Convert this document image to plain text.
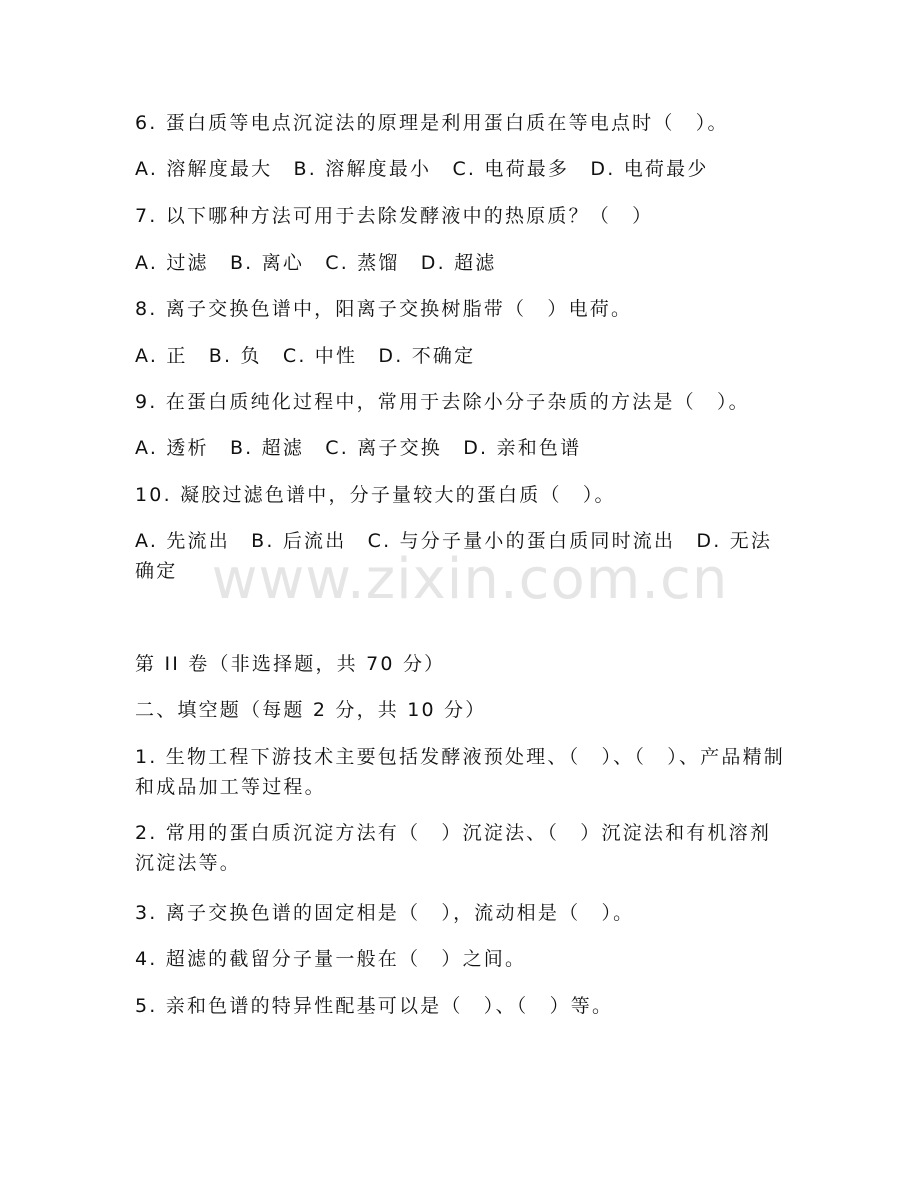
6. 蛋白质等电点沉淀法的原理是利用蛋白质在等电点时（　）。
A. 溶解度最大　B. 溶解度最小　C. 电荷最多　D. 电荷最少
7. 以下哪种方法可用于去除发酵液中的热原质？（　）
A. 过滤　B. 离心　C. 蒸馏　D. 超滤
8. 离子交换色谱中，阳离子交换树脂带（　）电荷。
A. 正　B. 负　C. 中性　D. 不确定
9. 在蛋白质纯化过程中，常用于去除小分子杂质的方法是（　）。
A. 透析　B. 超滤　C. 离子交换　D. 亲和色谱
10. 凝胶过滤色谱中，分子量较大的蛋白质（　）。
A. 先流出　B. 后流出　C. 与分子量小的蛋白质同时流出　D. 无法确定
第 II 卷（非选择题，共 70 分）
二、填空题（每题 2 分，共 10 分）
1. 生物工程下游技术主要包括发酵液预处理、（　）、（　）、产品精制和成品加工等过程。
2. 常用的蛋白质沉淀方法有（　）沉淀法、（　）沉淀法和有机溶剂沉淀法等。
3. 离子交换色谱的固定相是（　），流动相是（　）。
4. 超滤的截留分子量一般在（　）之间。
5. 亲和色谱的特异性配基可以是（　）、（　）等。
www.zixin.com.cn
